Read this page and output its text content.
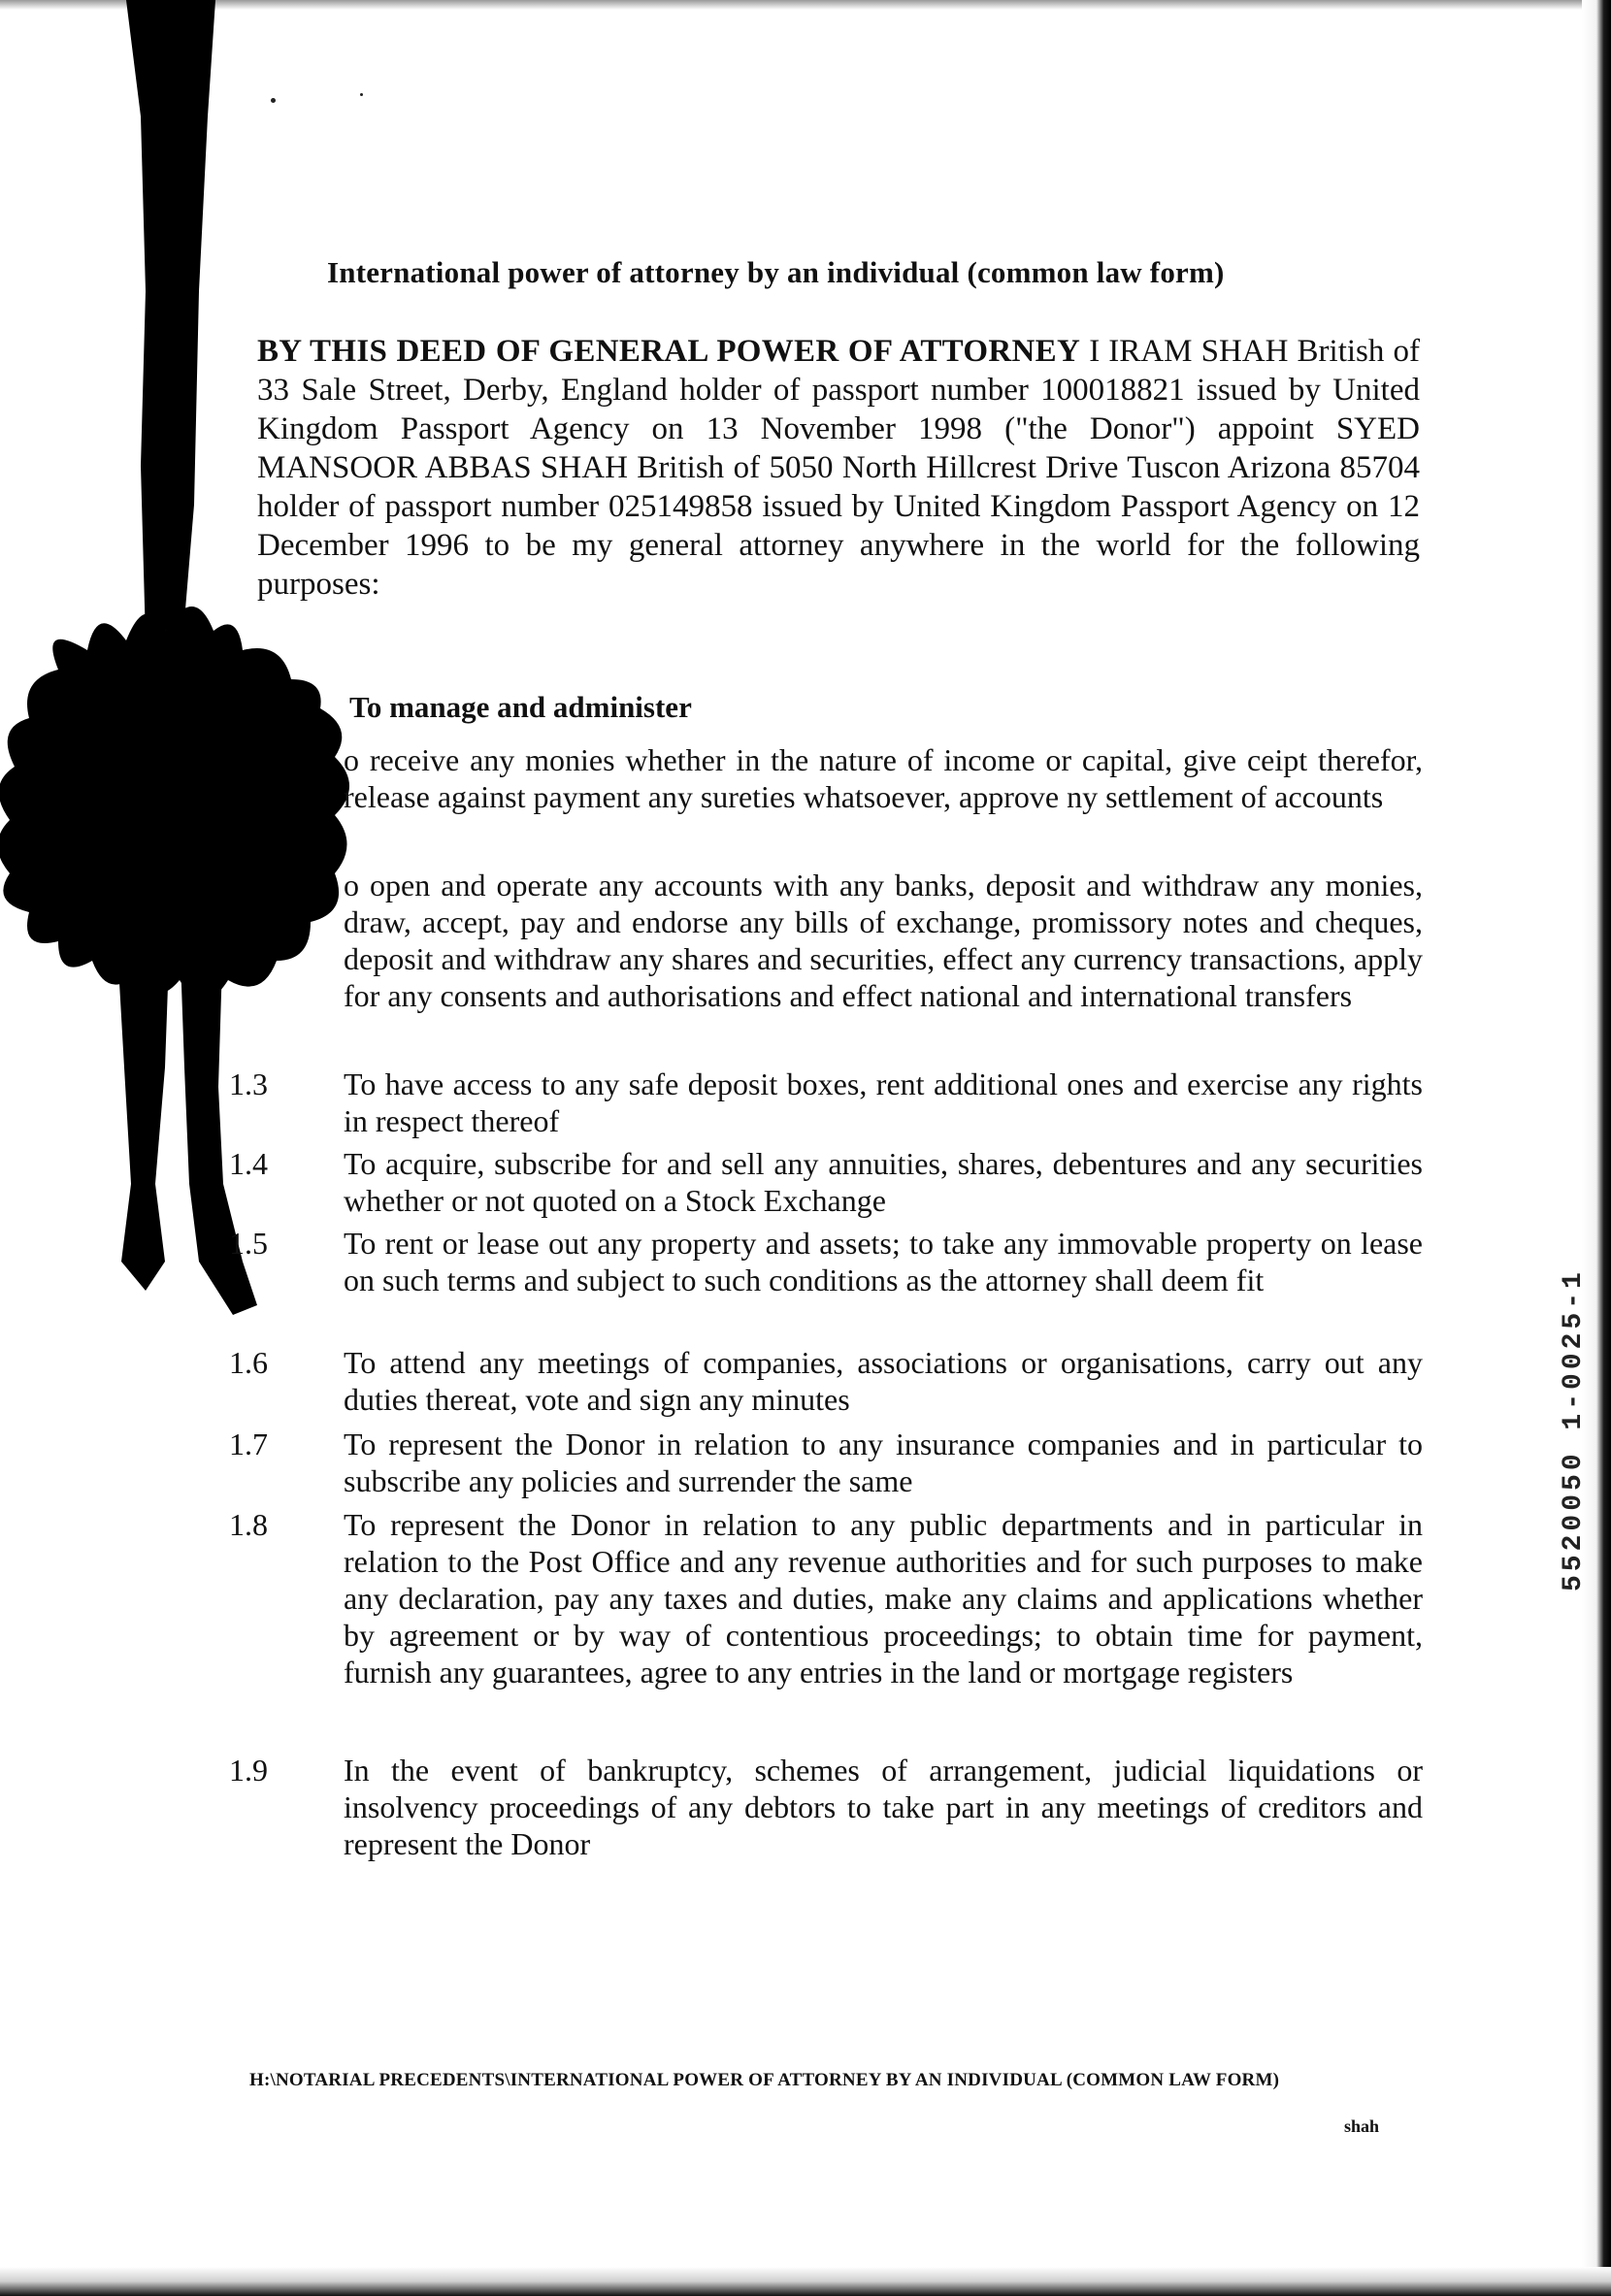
International power of attorney by an individual (common law form)
BY THIS DEED OF GENERAL POWER OF ATTORNEY I IRAM SHAH British of 33 Sale Street, Derby, England holder of passport number 100018821 issued by United Kingdom Passport Agency on 13 November 1998 ("the Donor") appoint SYED MANSOOR ABBAS SHAH British of 5050 North Hillcrest Drive Tuscon Arizona 85704 holder of passport number 025149858 issued by United Kingdom Passport Agency on 12 December 1996 to be my general attorney anywhere in the world for the following purposes:
To manage and administer
o receive any monies whether in the nature of income or capital, give ceipt therefor, release against payment any sureties whatsoever, approve ny settlement of accounts
o open and operate any accounts with any banks, deposit and withdraw any monies, draw, accept, pay and endorse any bills of exchange, promissory notes and cheques, deposit and withdraw any shares and securities, effect any currency transactions, apply for any consents and authorisations and effect national and international transfers
1.3	To have access to any safe deposit boxes, rent additional ones and exercise any rights in respect thereof
1.4	To acquire, subscribe for and sell any annuities, shares, debentures and any securities whether or not quoted on a Stock Exchange
1.5	To rent or lease out any property and assets; to take any immovable property on lease on such terms and subject to such conditions as the attorney shall deem fit
1.6	To attend any meetings of companies, associations or organisations, carry out any duties thereat, vote and sign any minutes
1.7	To represent the Donor in relation to any insurance companies and in particular to subscribe any policies and surrender the same
1.8	To represent the Donor in relation to any public departments and in particular in relation to the Post Office and any revenue authorities and for such purposes to make any declaration, pay any taxes and duties, make any claims and applications whether by agreement or by way of contentious proceedings; to obtain time for payment, furnish any guarantees, agree to any entries in the land or mortgage registers
1.9	In the event of bankruptcy, schemes of arrangement, judicial liquidations or insolvency proceedings of any debtors to take part in any meetings of creditors and represent the Donor
H:\NOTARIAL PRECEDENTS\INTERNATIONAL POWER OF ATTORNEY BY AN INDIVIDUAL (COMMON LAW FORM)
shah
5520050 1-0025-1
